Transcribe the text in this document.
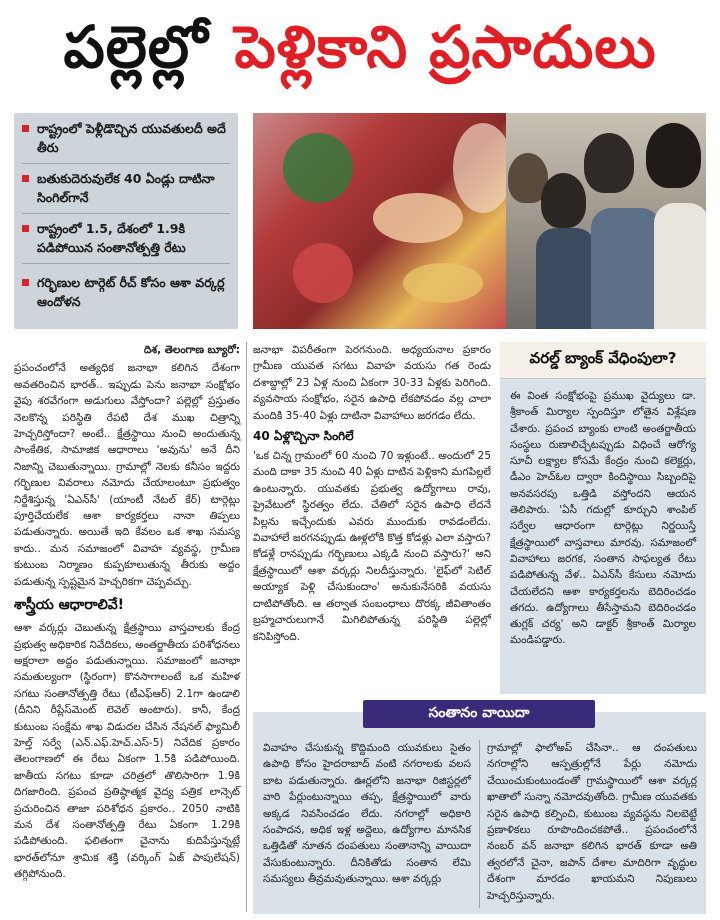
పల్లెల్లో పెళ్లికాని ప్రసాదులు
రాష్ట్రంలో పెళ్లీడొచ్చిన యువతులదీ అదే తీరు
బతుకుదెరువులేక 40 ఏండ్లు దాటినా సింగిల్‌గానే
రాష్ట్రంలో 1.5, దేశంలో 1.9కి పడిపోయిన సంతానోత్పత్తి రేటు
గర్భిణుల టార్గెట్ రీచ్ కోసం ఆశా వర్కర్ల ఆందోళన
దిశ, తెలంగాణ బ్యూరో:

ప్రపంచంలోనే అత్యధిక జనాభా కలిగిన దేశంగా అవతరించిన భారత్.. ఇప్పుడు పెను జనాభా సంక్షోభం వైపు శరవేగంగా అడుగులు వేస్తోందా? పల్లెల్లో ప్రస్తుతం నెలకొన్న పరిస్థితి రేపటి దేశ ముఖ చిత్రాన్ని హెచ్చరిస్తోందా? అంటే.. క్షేత్రస్థాయి నుంచి అందుతున్న సాంకేతిక, సామాజిక ఆధారాలు 'అవును' అనే దీని నిజాన్ని చెబుతున్నాయి. గ్రామాల్లో నెలకు కనీసం ఇద్దరు గర్భిణుల వివరాలు నమోదు చేయాలంటూ ప్రభుత్వం నిర్దేశిస్తున్న 'ఏఎన్‌సీ' (యాంటీ నేటల్ కేర్) టార్గెట్లు పూర్తిచేయలేక ఆశా కార్యకర్తలు నానా తిప్పలు పడుతున్నారు. అయితే ఇది కేవలం ఒక శాఖ సమస్య కాదు.. మన సమాజంలో వివాహ వ్యవస్థ, గ్రామీణ కుటుంబ నిర్మాణం కుప్పకూలుతున్న తీరుకు అద్దం పడుతున్న స్పష్టమైన హెచ్చరికగా చెప్పవచ్చు.

శాస్త్రీయ ఆధారాలివే!

ఆశా వర్కర్లు చెబుతున్న క్షేత్రస్థాయి వాస్తవాలకు కేంద్ర ప్రభుత్వ అధికారిక నివేదికలు, అంతర్జాతీయ పరిశోధనలు అక్షరాలా అద్దం పడుతున్నాయి. సమాజంలో జనాభా సమతుల్యంగా (స్థిరంగా) కొనసాగాలంటే ఒక మహిళ సగటు సంతానోత్పత్తి రేటు (టీఎఫ్ఆర్) 2.1గా ఉండాలి (దీనిని రీప్లేస్‌మెంట్ లెవెల్ అంటారు). కానీ, కేంద్ర కుటుంబ సంక్షేమ శాఖ విడుదల చేసిన నేషనల్ ఫ్యామిలీ హెల్త్ సర్వే (ఎన్.ఎఫ్.హెచ్.ఎస్-5) నివేదిక ప్రకారం తెలంగాణలో ఈ రేటు ఏకంగా 1.5కి పడిపోయింది. జాతీయ సగటు కూడా చరిత్రలో తొలిసారిగా 1.9కి దిగజారింది. ప్రపంచ ప్రతిష్ఠాత్మక వైద్య పత్రిక లాన్సెట్ ప్రచురించిన తాజా పరిశోధన ప్రకారం.. 2050 నాటికి మన దేశ సంతానోత్పత్తి రేటు ఏకంగా 1.29కి పడిపోతుంది. ఫలితంగా చైనాను కుదిపేస్తున్నట్లే భారత్‌లోనూ శ్రామిక శక్తి (వర్కింగ్ ఏజ్ పాపులేషన్) తగ్గిపోనుంది.

జనాభా విపరీతంగా పెరగనుంది. అధ్యయనాల ప్రకారం గ్రామీణ యువత సగటు వివాహ వయసు గత రెండు దశాబ్దాల్లో 23 ఏళ్ల నుంచి ఏకంగా 30-33 ఏళ్లకు పెరిగింది. వ్యవసాయ సంక్షోభం, సరైన ఉపాధి లేకపోవడం వల్ల చాలా మందికి 35-40 ఏళ్లు దాటినా వివాహాలు జరగడం లేదు.

40 ఏళ్లొచ్చినా సింగిలే

'ఒక చిన్న గ్రామంలో 60 నుంచి 70 ఇళ్లుంటే.. అందులో 25 మంది దాకా 35 నుంచి 40 ఏళ్లు దాటిన పెళ్లికాని మగపిల్లలే ఉంటున్నారు. యువతకు ప్రభుత్వ ఉద్యోగాలు రావు, ప్రైవేటులో స్థిరత్వం లేదు. చేతిలో సరైన ఉపాధి లేదనే పిల్లను ఇచ్చేందుకు ఎవరు ముందుకు రావడంలేదు. వివాహాలే జరగనప్పుడు ఊళ్లలోకి కొత్త కోడళ్లు ఎలా వస్తారు? కోడళ్లే రానప్పుడు గర్భిణులు ఎక్కడి నుంచి వస్తారు?' అని క్షేత్రస్థాయిలో ఆశా వర్కర్లు నిలదీస్తున్నారు. 'లైఫ్‌లో సెటిల్ అయ్యాక పెళ్లి చేసుకుందాం' అనుకునేసరికి వయసు దాటిపోతోంది. ఆ తర్వాత సంబంధాలు దొరక్క జీవితాంతం బ్రహ్మచారులుగానే మిగిలిపోతున్న పరిస్థితి పల్లెల్లో కనిపిస్తోంది.

వరల్డ్ బ్యాంక్ వేధింపులా?
ఈ వింత సంక్షోభంపై ప్రముఖ వైద్యులు డా. శ్రీకాంత్ మిర్యాల స్పందిస్తూ లోతైన విశ్లేషణ చేశారు. ప్రపంచ బ్యాంకు లాంటి అంతర్జాతీయ సంస్థలు రుణాలిచ్చేటప్పుడు విధించే ఆరోగ్య సూచీ లక్ష్యాల కోసమే కేంద్రం నుంచి కలెక్టర్లు, డీఎం హెచ్‌ఓల ద్వారా కిందిస్థాయి సిబ్బందిపై అనవసరపు ఒత్తిడి వస్తోందని ఆయన తెలిపారు. 'ఏసీ గదుల్లో కూర్చుని శాంపిల్ సర్వేల ఆధారంగా టార్గెట్లు నిర్ణయిస్తే క్షేత్రస్థాయిలో వాస్తవాలు మారవు. సమాజంలో వివాహాలు జరగక, సంతాన సాఫల్యత రేటు పడిపోతున్న వేళ.. ఏఎన్‌సీ కేసులు నమోదు చేయలేదని ఆశా కార్యకర్తలను బెదిరించడం తగదు. ఉద్యోగాలు తీసేస్తామని బెదిరించడం తుగ్లక్ చర్య' అని డాక్టర్ శ్రీకాంత్ మిర్యాల మండిపడ్డారు.
సంతానం వాయిదా
వివాహం చేసుకున్న కొద్దిమంది యువకులు సైతం ఉపాధి కోసం హైదరాబాద్ వంటి నగరాలకు వలస బాట పడుతున్నారు. ఊర్లలోని జనాభా రిజిస్టర్లలో వారి పేర్లుంటున్నాయి తప్ప, క్షేత్రస్థాయిలో వారు అక్కడ నివసించడం లేదు. నగరాల్లో అధికారి సంపాదన, అధిక ఇళ్ల అద్దెలు, ఉద్యోగాల మానసిక ఒత్తిడితో నూతన దంపతులు సంతానాన్ని వాయిదా వేసుకుంటున్నారు. దీనికితోడు సంతాన లేమి సమస్యలు తీవ్రమవుతున్నాయి. ఆశా వర్కర్లు
గ్రామాల్లో ఫాలోఅప్ చేసినా.. ఆ దంపతులు నగరాల్లోని ఆస్పత్రుల్లోనే పేర్లు నమోదు చేయించుకుంటుండంతో గ్రామస్థాయిలో ఆశా వర్కర్ల ఖాతాలో సున్నా నమోదవుతోంది. గ్రామీణ యువతకు సరైన ఉపాధి కల్పించి, కుటుంబ వ్యవస్థను నిలబెట్టే ప్రణాళికలు రూపొందించకపోతే.. ప్రపంచంలోనే నంబర్ వన్ జనాభా కలిగిన భారత్ కూడా అతి త్వరలోనే చైనా, జపాన్ దేశాల మాదిరిగా వృద్ధుల దేశంగా మారడం ఖాయమని నిపుణులు హెచ్చరిస్తున్నారు.
